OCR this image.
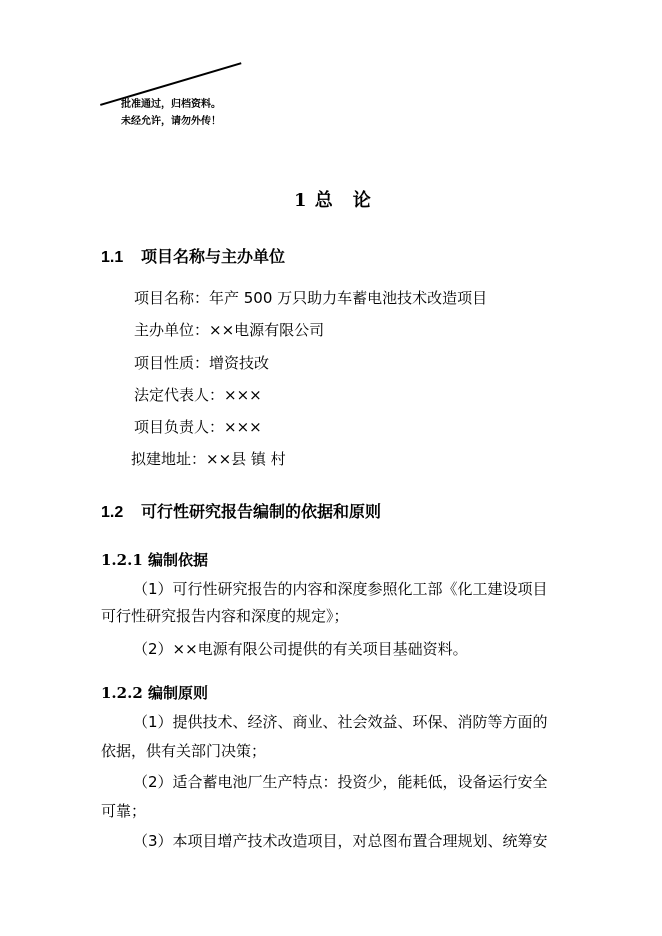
批准通过，归档资料。
未经允许，请勿外传！
1 总　论
1.1 项目名称与主办单位
项目名称：年产 500 万只助力车蓄电池技术改造项目
主办单位：××电源有限公司
项目性质：增资技改
法定代表人：×××
项目负责人：×××
拟建地址：××县 镇 村
1.2 可行性研究报告编制的依据和原则
1.2.1 编制依据
（1）可行性研究报告的内容和深度参照化工部《化工建设项目
可行性研究报告内容和深度的规定》；
（2）××电源有限公司提供的有关项目基础资料。
1.2.2 编制原则
（1）提供技术、经济、商业、社会效益、环保、消防等方面的
依据，供有关部门决策；
（2）适合蓄电池厂生产特点：投资少，能耗低，设备运行安全
可靠；
（3）本项目增产技术改造项目，对总图布置合理规划、统筹安
